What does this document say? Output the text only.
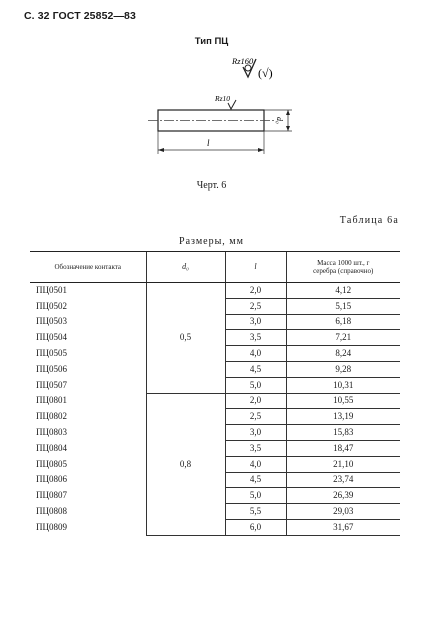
С. 32 ГОСТ 25852—83
Тип ПЦ
Rz160
(√)
Rz10
d₀
l
Черт. 6
Таблица 6а
Размеры, мм
Обозначение контакта	d₀	l	Масса 1000 шт., г
серебра (справочно)
ПЦ0501	0,5	2,0	4,12
ПЦ0502		2,5	5,15
ПЦ0503		3,0	6,18
ПЦ0504		3,5	7,21
ПЦ0505		4,0	8,24
ПЦ0506		4,5	9,28
ПЦ0507		5,0	10,31
ПЦ0801	0,8	2,0	10,55
ПЦ0802		2,5	13,19
ПЦ0803		3,0	15,83
ПЦ0804		3,5	18,47
ПЦ0805		4,0	21,10
ПЦ0806		4,5	23,74
ПЦ0807		5,0	26,39
ПЦ0808		5,5	29,03
ПЦ0809		6,0	31,67
